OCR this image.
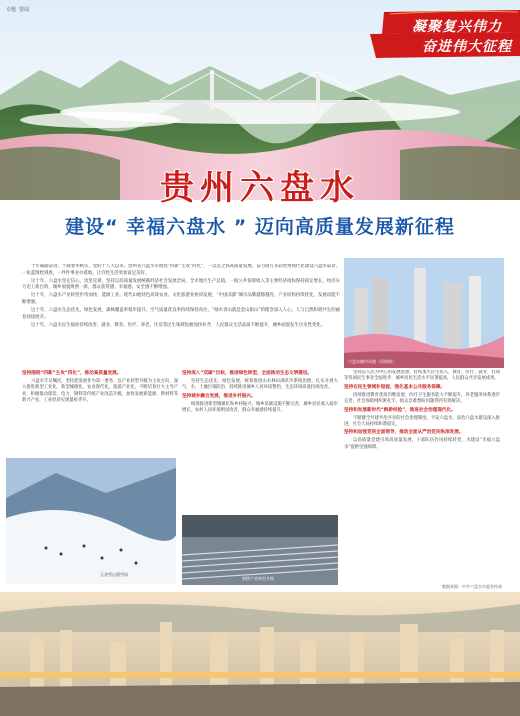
专题 要闻
凝聚复兴伟力
奋进伟大征程
贵州六盘水
建设“ 幸福六盘水 ” 迈向高质量发展新征程

十年砥砺奋进，十载春华秋实。党的十八大以来，贵州省六盘水市围绕“四新”主攻“四化”，一以贯之抓高质量发展，奋力谱写多彩贵州现代化建设六盘水篇章，一张蓝图绘到底，一件件事业办落地，让百姓生活更加富足美好。

这十年，六盘水坚定信心、攻坚克难，坚持以高质量发展统揽经济社会发展全局，全市地区生产总值、一般公共预算收入等主要经济指标保持稳定增长，经济实力迈上新台阶，城乡面貌焕然一新，群众获得感、幸福感、安全感不断增强。

这十年，六盘水产业转型步伐加快，能源工业、现代山地特色高效农业、文化旅游业协同发展，“中国凉都”城市品牌越擦越亮，产业结构持续优化，发展动能不断增强。

这十年，六盘水生态优先、绿色发展，森林覆盖率稳步提升，空气质量优良率持续保持高位，“绿水青山就是金山银山”的理念深入人心，人与自然和谐共生的画卷徐徐展开。

这十年，六盘水民生福祉持续改善，就业、教育、医疗、养老、住房等民生领域短板加快补齐，人民群众生活品质不断提升，城乡面貌发生历史性变化。

六盘水城市风貌（资料图）
坚持围绕“四新”主攻“四化”，推动高质量发展。

六盘水牢记嘱托，坚持把发展作为第一要务，以产业转型升级为主攻方向，深入推进新型工业化、新型城镇化、农业现代化、旅游产业化，不断培育壮大主导产业，积极推动煤炭、电力、钢铁等传统产业改造升级，加快发展新能源、新材料等新兴产业，工业经济实现量质齐升。

坚持深入“双碳”目标，推进绿色转型，全面推动生态文明建设。

坚持生态优先、绿色发展，统筹推进山水林田湖草沙系统治理，扎实开展大气、水、土壤污染防治，持续推进城乡人居环境整治，生态环境质量持续改善。

坚持城乡融合发展，推进乡村振兴。

统筹推进新型城镇化和乡村振兴，城乡基础设施不断完善，城乡居民收入稳步增长，农村人居环境明显改善，群众幸福感持续提升。

坚持以人民为中心的发展思想，持续加大民生投入，教育、医疗、就业、社保等各项民生事业全面进步，城乡居民生活水平显著提高，人民群众共享发展成果。

坚持在民生领域补短板，强化基本公共服务保障。

持续推进教育优质均衡发展，医疗卫生服务能力不断提升，养老服务体系逐步完善，社会保障网织密扎牢，群众急难愁盼问题得到有效解决。

坚持和发展新时代“枫桥经验”，推进社会治理现代化。

不断健全共建共治共享的社会治理制度，平安六盘水、法治六盘水建设深入推进，社会大局持续和谐稳定。

坚持和加强党的全面领导，推动全面从严治党向纵深发展。

以高质量党建引领高质量发展，干部队伍作风持续转变，为建设“幸福六盘水”提供坚强保障。

玉舍雪山滑雪场
钢铁产业转型升级
数据来源：中共六盘水市委宣传部
